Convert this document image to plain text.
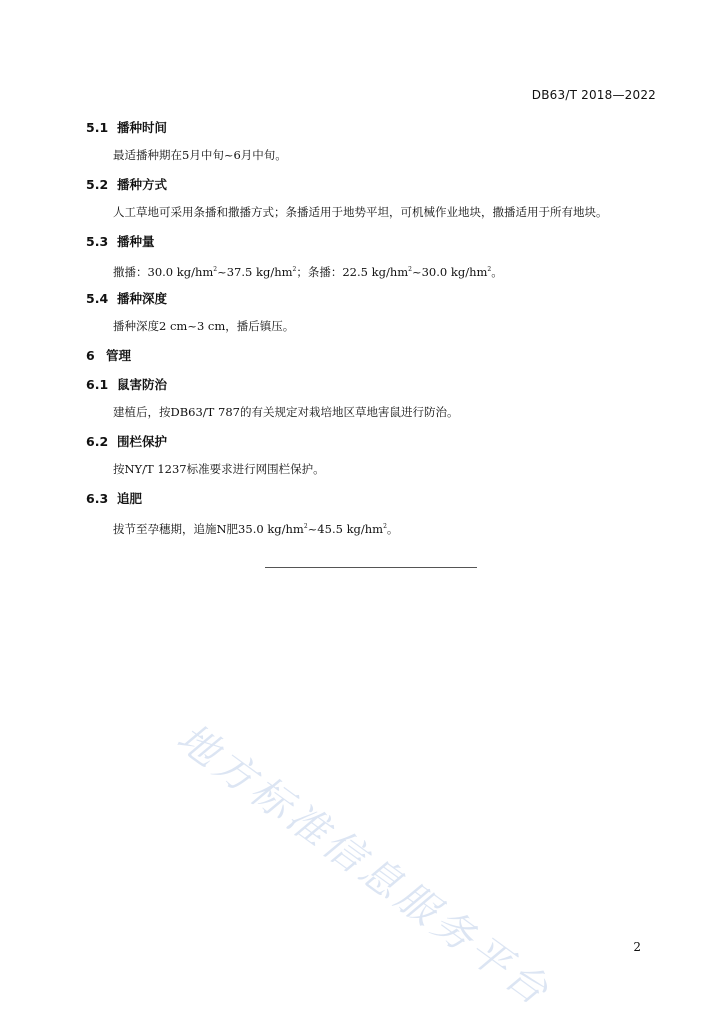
DB63/T 2018—2022
5.1 播种时间
最适播种期在5月中旬~6月中旬。
5.2 播种方式
人工草地可采用条播和撒播方式；条播适用于地势平坦，可机械作业地块，撒播适用于所有地块。
5.3 播种量
撒播：30.0 $kg/hm^2\sim 37.5$ $kg/hm^2$；条播：22.5 $kg/hm^2\sim 30.0$ $kg/hm^2$。
5.4 播种深度
播种深度2 cm~3 cm，播后镇压。
6 管理
6.1 鼠害防治
建植后，按DB63/T 787的有关规定对栽培地区草地害鼠进行防治。
6.2 围栏保护
按NY/T 1237标准要求进行网围栏保护。
6.3 追肥
拔节至孕穗期，追施N肥35.0 $kg/hm^2\sim 45.5$ $kg/hm^2$。
地方标准信息服务平台	2
